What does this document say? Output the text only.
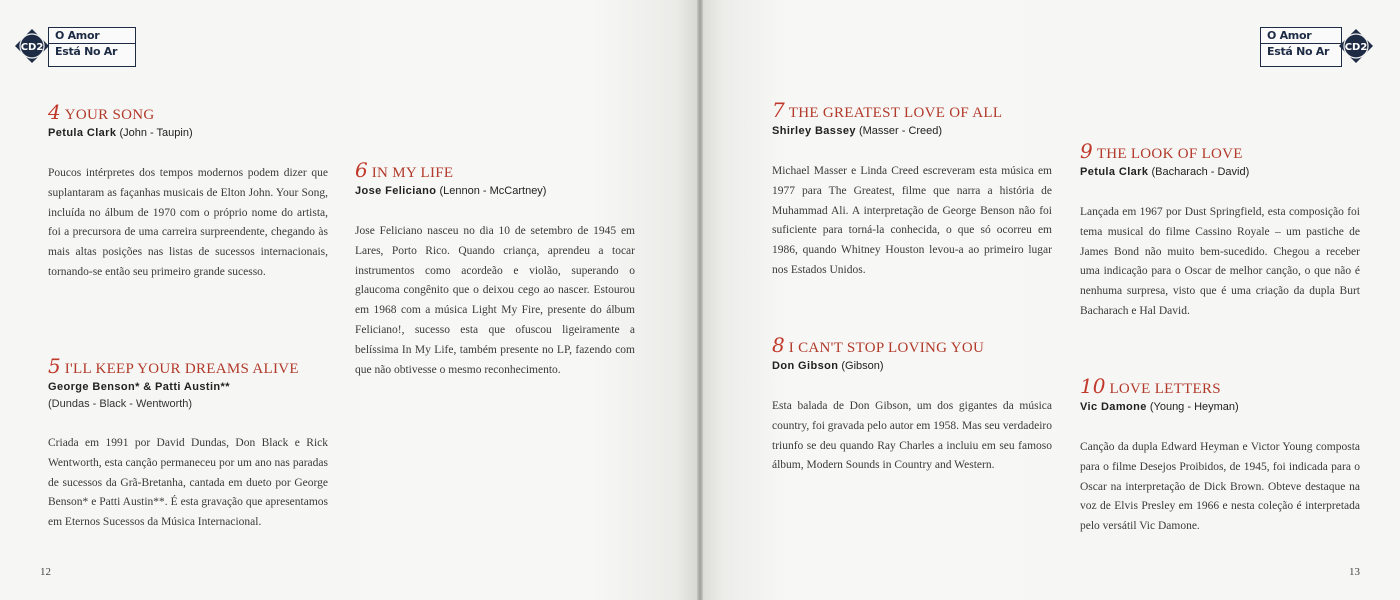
CD2
O Amor
Está No Ar
O Amor
Está No Ar	CD2
4 YOUR SONG
Petula Clark (John - Taupin)

Poucos intérpretes dos tempos modernos podem dizer que suplantaram as façanhas musicais de Elton John. Your Song, incluída no álbum de 1970 com o próprio nome do artista, foi a precursora de uma carreira surpreendente, chegando às mais altas posições nas listas de sucessos internacionais, tornando-se então seu primeiro grande sucesso.

5 I'LL KEEP YOUR DREAMS ALIVE
George Benson* & Patti Austin**
(Dundas - Black - Wentworth)

Criada em 1991 por David Dundas, Don Black e Rick Wentworth, esta canção permaneceu por um ano nas paradas de sucessos da Grã-Bretanha, cantada em dueto por George Benson* e Patti Austin**. É esta gravação que apresentamos em Eternos Sucessos da Música Internacional.

6 IN MY LIFE
Jose Feliciano (Lennon - McCartney)

Jose Feliciano nasceu no dia 10 de setembro de 1945 em Lares, Porto Rico. Quando criança, aprendeu a tocar instrumentos como acordeão e violão, superando o glaucoma congênito que o deixou cego ao nascer. Estourou em 1968 com a música Light My Fire, presente do álbum Feliciano!, sucesso esta que ofuscou ligeiramente a belíssima In My Life, também presente no LP, fazendo com que não obtivesse o mesmo reconhecimento.

12
7 THE GREATEST LOVE OF ALL
Shirley Bassey (Masser - Creed)

Michael Masser e Linda Creed escreveram esta música em 1977 para The Greatest, filme que narra a história de Muhammad Ali. A interpretação de George Benson não foi suficiente para torná-la conhecida, o que só ocorreu em 1986, quando Whitney Houston levou-a ao primeiro lugar nos Estados Unidos.

8 I CAN'T STOP LOVING YOU
Don Gibson (Gibson)

Esta balada de Don Gibson, um dos gigantes da música country, foi gravada pelo autor em 1958. Mas seu verdadeiro triunfo se deu quando Ray Charles a incluiu em seu famoso álbum, Modern Sounds in Country and Western.

9 THE LOOK OF LOVE
Petula Clark (Bacharach - David)

Lançada em 1967 por Dust Springfield, esta composição foi tema musical do filme Cassino Royale – um pastiche de James Bond não muito bem-sucedido. Chegou a receber uma indicação para o Oscar de melhor canção, o que não é nenhuma surpresa, visto que é uma criação da dupla Burt Bacharach e Hal David.

10 LOVE LETTERS
Vic Damone (Young - Heyman)

Canção da dupla Edward Heyman e Victor Young composta para o filme Desejos Proibidos, de 1945, foi indicada para o Oscar na interpretação de Dick Brown. Obteve destaque na voz de Elvis Presley em 1966 e nesta coleção é interpretada pelo versátil Vic Damone.

13
